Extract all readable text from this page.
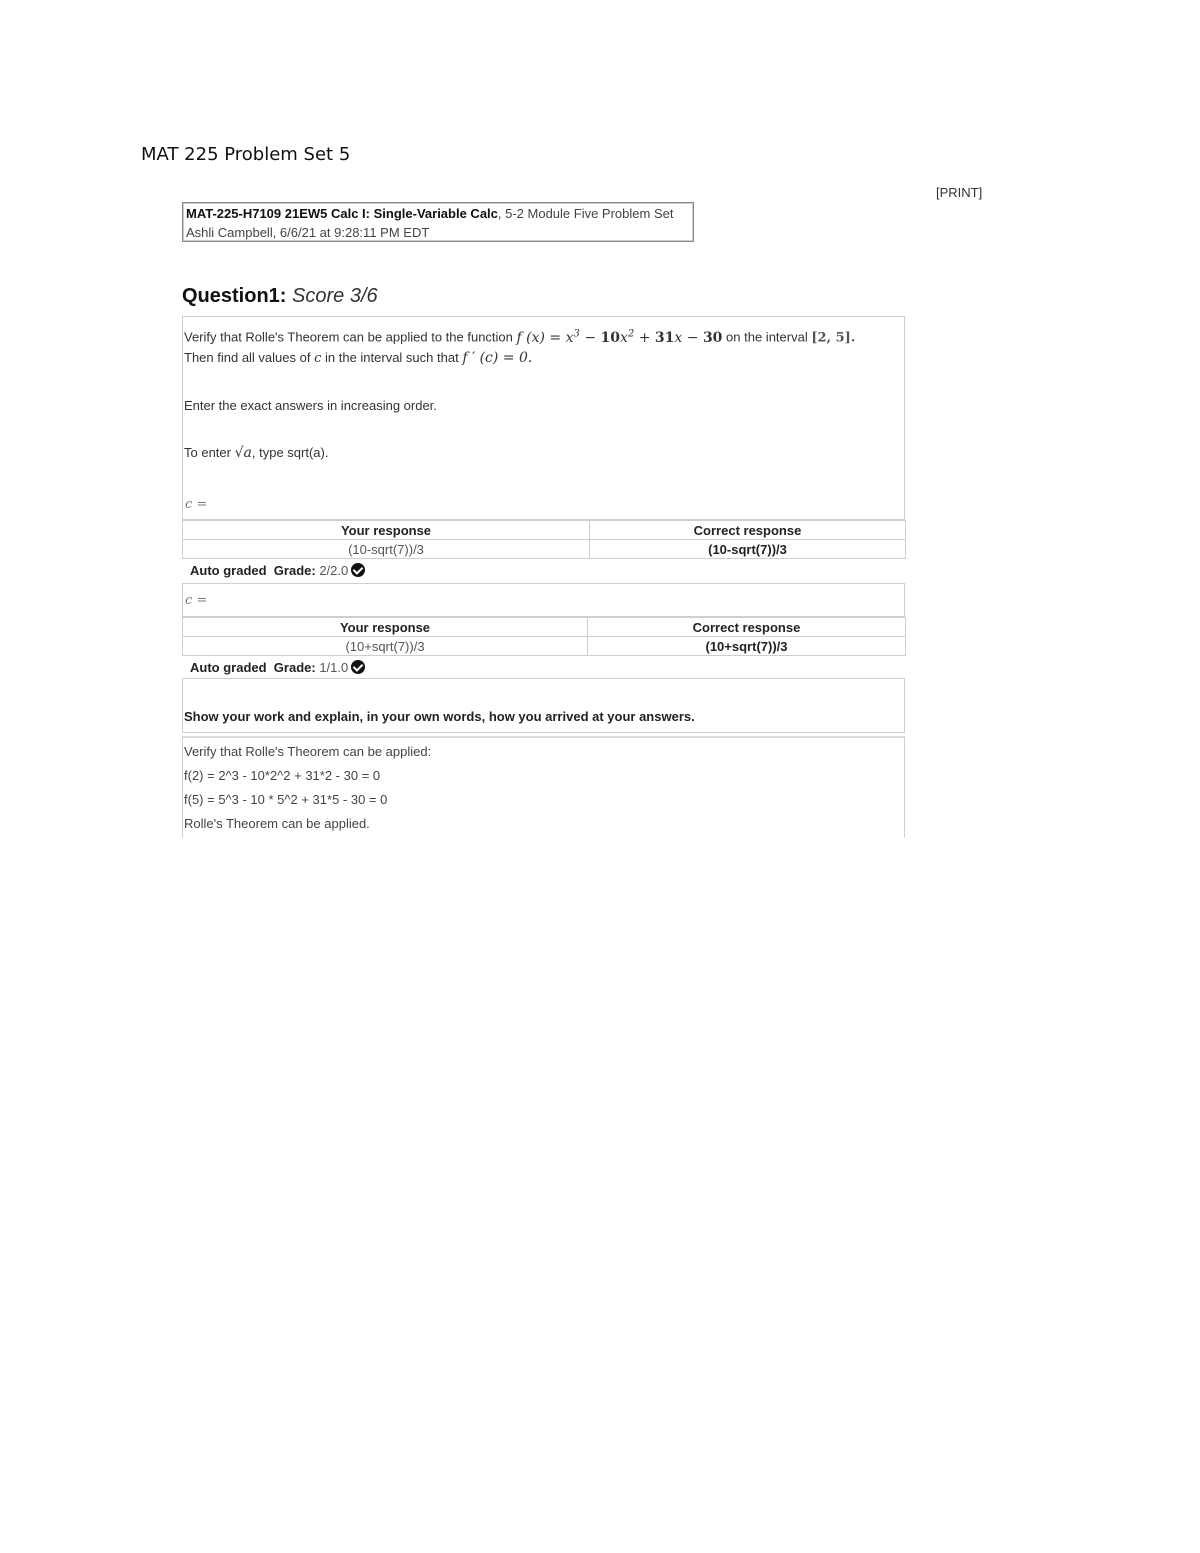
MAT 225 Problem Set 5
[PRINT]
MAT-225-H7109 21EW5 Calc I: Single-Variable Calc, 5-2 Module Five Problem Set
Ashli Campbell, 6/6/21 at 9:28:11 PM EDT
Question1: Score 3/6
Verify that Rolle's Theorem can be applied to the function f $(x) = x^3 - 10x^2 + 31x - 30$ on the interval [2, 5].
Then find all values of c in the interval such that f ′ (c) = 0.
Enter the exact answers in increasing order.
To enter √a, type sqrt(a).
c =
Your response	Correct response
(10-sqrt(7))/3	(10-sqrt(7))/3
Auto graded Grade: 2/2.0
c =
Your response	Correct response
(10+sqrt(7))/3	(10+sqrt(7))/3
Auto graded Grade: 1/1.0
Show your work and explain, in your own words, how you arrived at your answers.
Verify that Rolle's Theorem can be applied:
f(2) = 2^3 - 10*2^2 + 31*2 - 30 = 0
f(5) = 5^3 - 10 * 5^2 + 31*5 - 30 = 0
Rolle's Theorem can be applied.
